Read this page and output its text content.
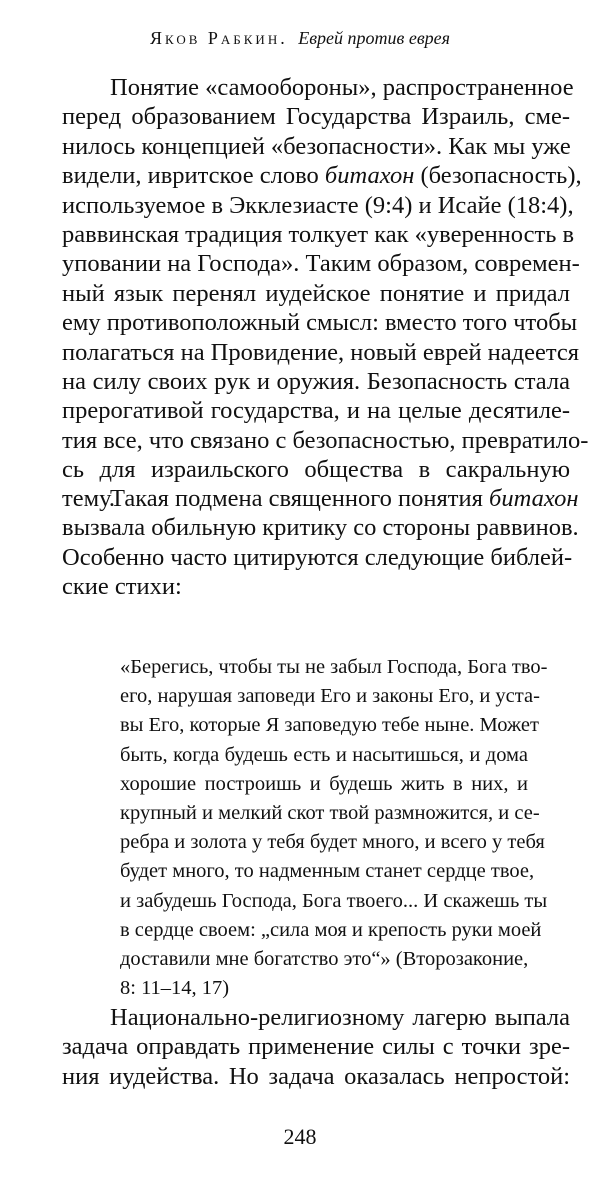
Яков Рабкин. Еврей против еврея
Понятие «самообороны», распространенное
перед образованием Государства Израиль, сме-
нилось концепцией «безопасности». Как мы уже
видели, ивритское слово битахон (безопасность),
используемое в Экклезиасте (9:4) и Исайе (18:4),
раввинская традиция толкует как «уверенность в
уповании на Господа». Таким образом, современ-
ный язык перенял иудейское понятие и придал
ему противоположный смысл: вместо того чтобы
полагаться на Провидение, новый еврей надеется
на силу своих рук и оружия. Безопасность стала
прерогативой государства, и на целые десятиле-
тия все, что связано с безопасностью, превратило-
сь для израильского общества в сакральную
тему.
Такая подмена священного понятия битахон
вызвала обильную критику со стороны раввинов.
Особенно часто цитируются следующие библей-
ские стихи:
«Берегись, чтобы ты не забыл Господа, Бога тво-
его, нарушая заповеди Его и законы Его, и уста-
вы Его, которые Я заповедую тебе ныне. Может
быть, когда будешь есть и насытишься, и дома
хорошие построишь и будешь жить в них, и
крупный и мелкий скот твой размножится, и се-
ребра и золота у тебя будет много, и всего у тебя
будет много, то надменным станет сердце твое,
и забудешь Господа, Бога твоего... И скажешь ты
в сердце своем: „сила моя и крепость руки моей
доставили мне богатство это“» (Второзаконие,
8: 11–14, 17)
Национально-религиозному лагерю выпала
задача оправдать применение силы с точки зре-
ния иудейства. Но задача оказалась непростой:
248
